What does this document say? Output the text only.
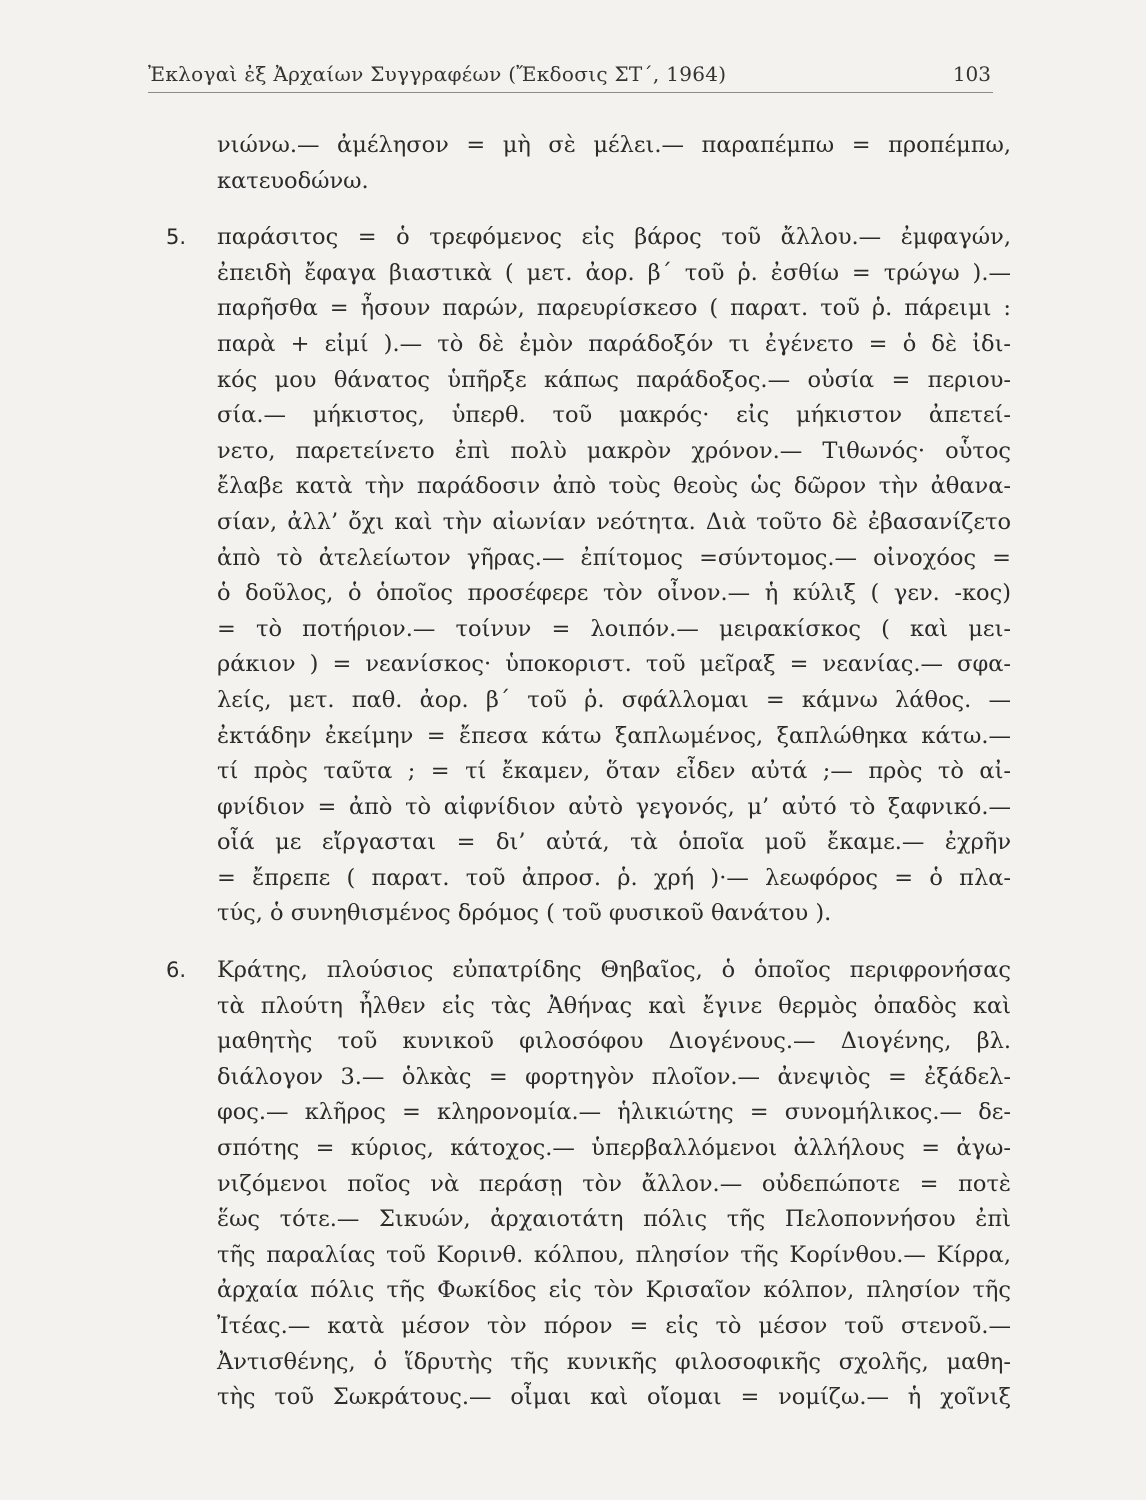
Ἐκλογαὶ ἐξ Ἀρχαίων Συγγραφέων (Ἔκδοσις ΣΤ΄, 1964)	103
νιώνω.— ἀμέλησον = μὴ σὲ μέλει.— παραπέμπω = προπέμπω,
κατευοδώνω.
5.	παράσιτος = ὁ τρεφόμενος εἰς βάρος τοῦ ἄλλου.— ἐμφαγών,
ἐπειδὴ ἔφαγα βιαστικὰ ( μετ. ἀορ. β΄ τοῦ ῥ. ἐσθίω = τρώγω ).—
παρῆσθα = ἦσουν παρών, παρευρίσκεσο ( παρατ. τοῦ ῥ. πάρειμι :
παρὰ + εἰμί ).— τὸ δὲ ἐμὸν παράδοξόν τι ἐγένετο = ὁ δὲ ἰδι-
κός μου θάνατος ὑπῆρξε κάπως παράδοξος.— οὐσία = περιου-
σία.— μήκιστος, ὑπερθ. τοῦ μακρός· εἰς μήκιστον ἀπετεί-
νετο, παρετείνετο ἐπὶ πολὺ μακρὸν χρόνον.— Τιθωνός· οὗτος
ἔλαβε κατὰ τὴν παράδοσιν ἀπὸ τοὺς θεοὺς ὡς δῶρον τὴν ἀθανα-
σίαν, ἀλλ’ ὄχι καὶ τὴν αἰωνίαν νεότητα. Διὰ τοῦτο δὲ ἐβασανίζετο
ἀπὸ τὸ ἀτελείωτον γῆρας.— ἐπίτομος =σύντομος.— οἰνοχόος =
ὁ δοῦλος, ὁ ὁποῖος προσέφερε τὸν οἶνον.— ἡ κύλιξ ( γεν. -κος)
= τὸ ποτήριον.— τοίνυν = λοιπόν.— μειρακίσκος ( καὶ μει-
ράκιον ) = νεανίσκος· ὑποκοριστ. τοῦ μεῖραξ = νεανίας.— σφα-
λείς, μετ. παθ. ἀορ. β΄ τοῦ ῥ. σφάλλομαι = κάμνω λάθος. —
ἐκτάδην ἐκείμην = ἔπεσα κάτω ξαπλωμένος, ξαπλώθηκα κάτω.—
τί πρὸς ταῦτα ; = τί ἔκαμεν, ὅταν εἶδεν αὐτά ;— πρὸς τὸ αἰ-
φνίδιον = ἀπὸ τὸ αἰφνίδιον αὐτὸ γεγονός, μ’ αὐτό τὸ ξαφνικό.—
οἷά με εἴργασται = δι’ αὐτά, τὰ ὁποῖα μοῦ ἔκαμε.— ἐχρῆν
= ἔπρεπε ( παρατ. τοῦ ἀπροσ. ῥ. χρή )·— λεωφόρος = ὁ πλα-
τύς, ὁ συνηθισμένος δρόμος ( τοῦ φυσικοῦ θανάτου ).
6.	Κράτης, πλούσιος εὐπατρίδης Θηβαῖος, ὁ ὁποῖος περιφρονήσας
τὰ πλούτη ἦλθεν εἰς τὰς Ἀθήνας καὶ ἔγινε θερμὸς ὀπαδὸς καὶ
μαθητὴς τοῦ κυνικοῦ φιλοσόφου Διογένους.— Διογένης, βλ.
διάλογον 3.— ὁλκὰς = φορτηγὸν πλοῖον.— ἀνεψιὸς = ἐξάδελ-
φος.— κλῆρος = κληρονομία.— ἡλικιώτης = συνομήλικος.— δε-
σπότης = κύριος, κάτοχος.— ὑπερβαλλόμενοι ἀλλήλους = ἀγω-
νιζόμενοι ποῖος νὰ περάσῃ τὸν ἄλλον.— οὐδεπώποτε = ποτὲ
ἕως τότε.— Σικυών, ἀρχαιοτάτη πόλις τῆς Πελοποννήσου ἐπὶ
τῆς παραλίας τοῦ Κορινθ. κόλπου, πλησίον τῆς Κορίνθου.— Κίρρα,
ἀρχαία πόλις τῆς Φωκίδος εἰς τὸν Κρισαῖον κόλπον, πλησίον τῆς
Ἰτέας.— κατὰ μέσον τὸν πόρον = εἰς τὸ μέσον τοῦ στενοῦ.—
Ἀντισθένης, ὁ ἵδρυτὴς τῆς κυνικῆς φιλοσοφικῆς σχολῆς, μαθη-
τὴς τοῦ Σωκράτους.— οἶμαι καὶ οἴομαι = νομίζω.— ἡ χοῖνιξ
